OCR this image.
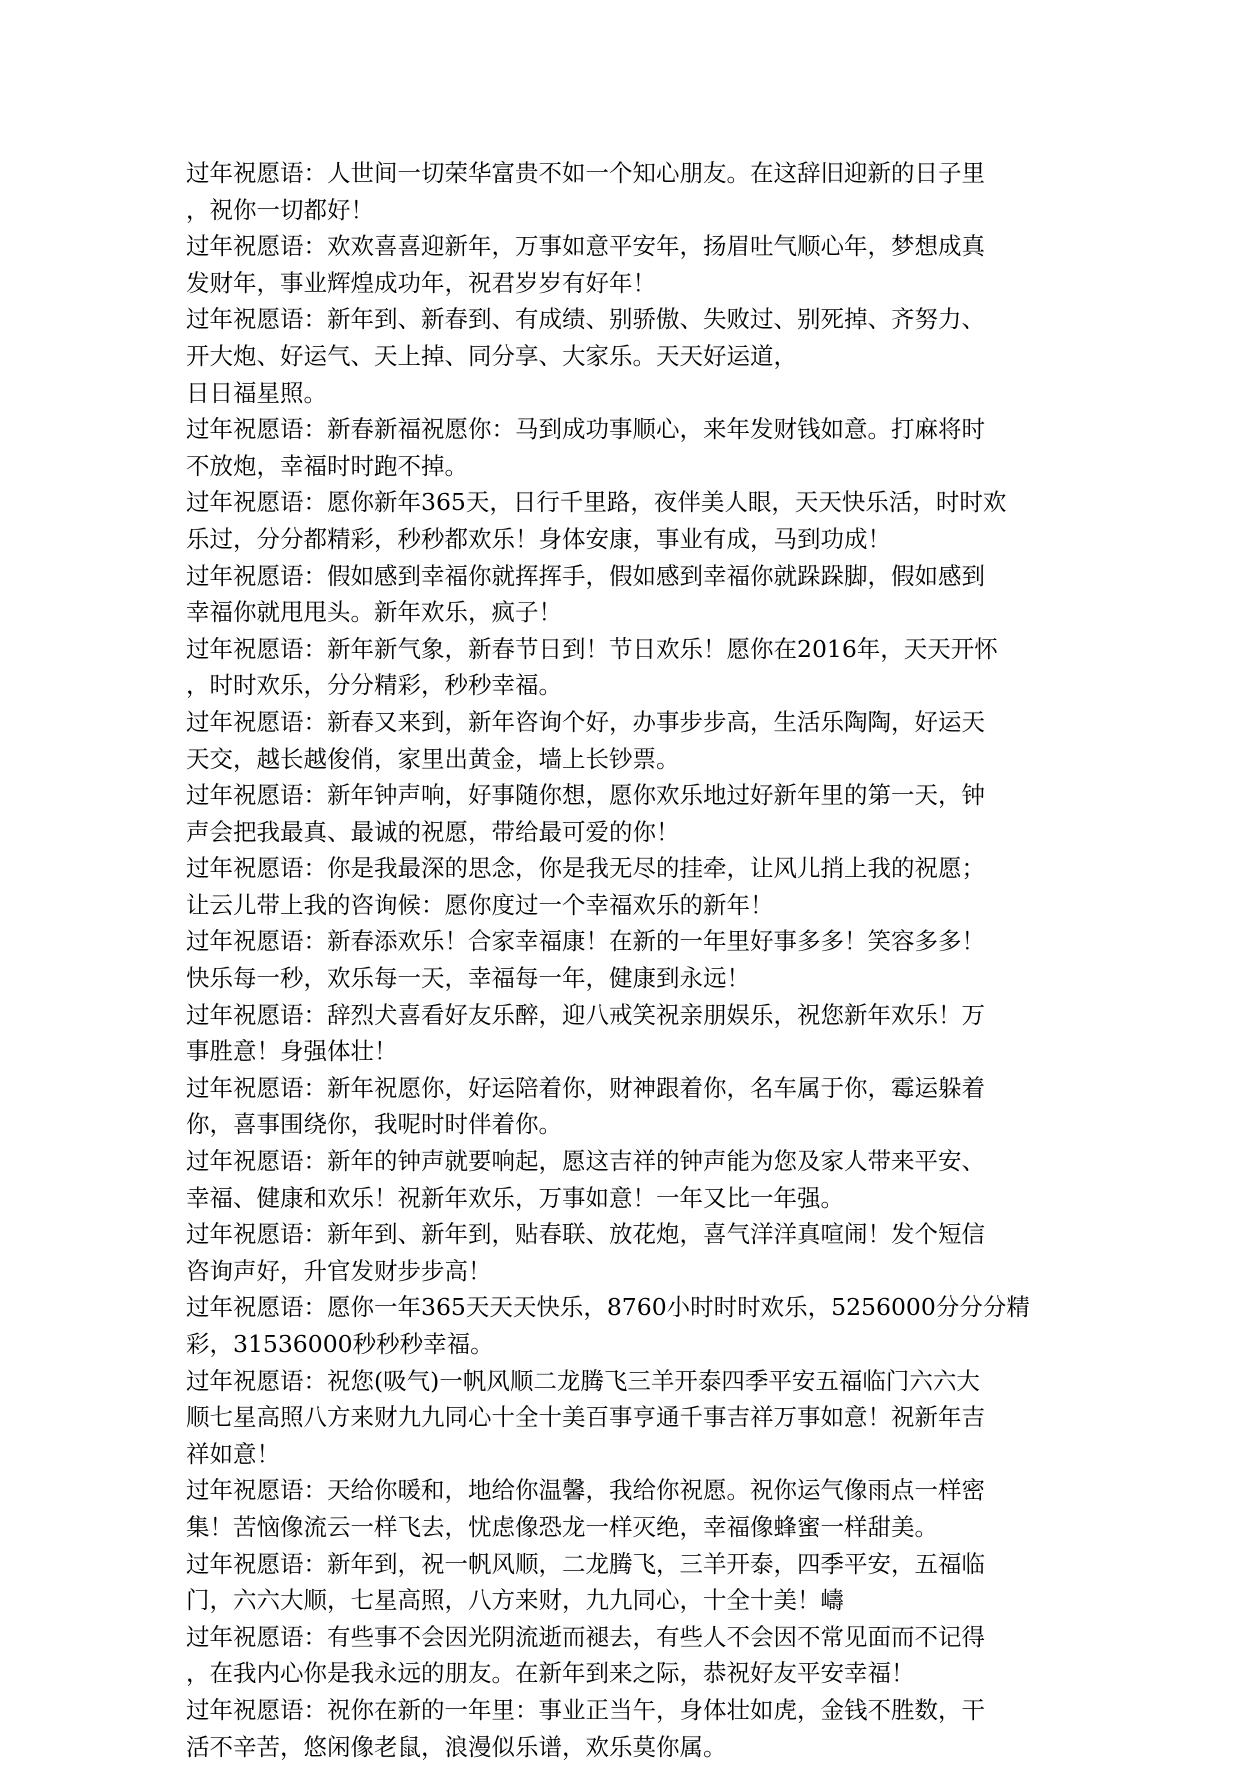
过年祝愿语：人世间一切荣华富贵不如一个知心朋友。在这辞旧迎新的日子里
，祝你一切都好！
过年祝愿语：欢欢喜喜迎新年，万事如意平安年，扬眉吐气顺心年，梦想成真
发财年，事业辉煌成功年，祝君岁岁有好年！
过年祝愿语：新年到、新春到、有成绩、别骄傲、失败过、别死掉、齐努力、
开大炮、好运气、天上掉、同分享、大家乐。天天好运道，
日日福星照。
过年祝愿语：新春新福祝愿你：马到成功事顺心，来年发财钱如意。打麻将时
不放炮，幸福时时跑不掉。
过年祝愿语：愿你新年365天，日行千里路，夜伴美人眼，天天快乐活，时时欢
乐过，分分都精彩，秒秒都欢乐！身体安康，事业有成，马到功成！
过年祝愿语：假如感到幸福你就挥挥手，假如感到幸福你就跺跺脚，假如感到
幸福你就甩甩头。新年欢乐，疯子！
过年祝愿语：新年新气象，新春节日到！节日欢乐！愿你在2016年，天天开怀
，时时欢乐，分分精彩，秒秒幸福。
过年祝愿语：新春又来到，新年咨询个好，办事步步高，生活乐陶陶，好运天
天交，越长越俊俏，家里出黄金，墙上长钞票。
过年祝愿语：新年钟声响，好事随你想，愿你欢乐地过好新年里的第一天，钟
声会把我最真、最诚的祝愿，带给最可爱的你！
过年祝愿语：你是我最深的思念，你是我无尽的挂牵，让风儿捎上我的祝愿；
让云儿带上我的咨询候：愿你度过一个幸福欢乐的新年！
过年祝愿语：新春添欢乐！合家幸福康！在新的一年里好事多多！笑容多多！
快乐每一秒，欢乐每一天，幸福每一年，健康到永远！
过年祝愿语：辞烈犬喜看好友乐醉，迎八戒笑祝亲朋娱乐，祝您新年欢乐！万
事胜意！身强体壮！
过年祝愿语：新年祝愿你，好运陪着你，财神跟着你，名车属于你，霉运躲着
你，喜事围绕你，我呢时时伴着你。
过年祝愿语：新年的钟声就要响起，愿这吉祥的钟声能为您及家人带来平安、
幸福、健康和欢乐！祝新年欢乐，万事如意！一年又比一年强。
过年祝愿语：新年到、新年到，贴春联、放花炮，喜气洋洋真喧闹！发个短信
咨询声好，升官发财步步高！
过年祝愿语：愿你一年365天天天快乐，8760小时时时欢乐，5256000分分分精
彩，31536000秒秒秒幸福。
过年祝愿语：祝您(吸气)一帆风顺二龙腾飞三羊开泰四季平安五福临门六六大
顺七星高照八方来财九九同心十全十美百事亨通千事吉祥万事如意！祝新年吉
祥如意！
过年祝愿语：天给你暖和，地给你温馨，我给你祝愿。祝你运气像雨点一样密
集！苦恼像流云一样飞去，忧虑像恐龙一样灭绝，幸福像蜂蜜一样甜美。
过年祝愿语：新年到，祝一帆风顺，二龙腾飞，三羊开泰，四季平安，五福临
门，六六大顺，七星高照，八方来财，九九同心，十全十美！嶹
过年祝愿语：有些事不会因光阴流逝而褪去，有些人不会因不常见面而不记得
，在我内心你是我永远的朋友。在新年到来之际，恭祝好友平安幸福！
过年祝愿语：祝你在新的一年里：事业正当午，身体壮如虎，金钱不胜数，干
活不辛苦，悠闲像老鼠，浪漫似乐谱，欢乐莫你属。
